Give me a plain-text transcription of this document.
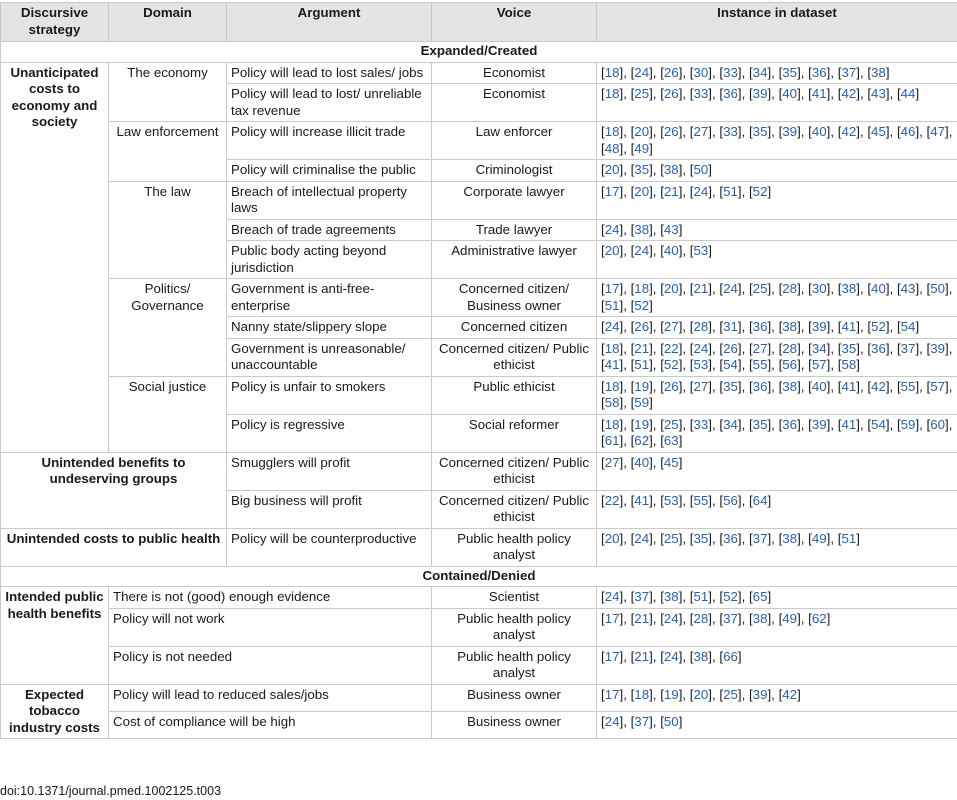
Discursive strategy	Domain	Argument	Voice	Instance in dataset
Expanded/Created				
Unanticipated costs to economy and society	The economy	Policy will lead to lost sales/ jobs	Economist	[18], [24], [26], [30], [33], [34], [35], [36], [37], [38]
		Policy will lead to lost/ unreliable tax revenue	Economist	[18], [25], [26], [33], [36], [39], [40], [41], [42], [43], [44]
	Law enforcement	Policy will increase illicit trade	Law enforcer	[18], [20], [26], [27], [33], [35], [39], [40], [42], [45], [46], [47], [48], [49]
		Policy will criminalise the public	Criminologist	[20], [35], [38], [50]
	The law	Breach of intellectual property laws	Corporate lawyer	[17], [20], [21], [24], [51], [52]
		Breach of trade agreements	Trade lawyer	[24], [38], [43]
		Public body acting beyond jurisdiction	Administrative lawyer	[20], [24], [40], [53]
	Politics/ Governance	Government is anti-free-enterprise	Concerned citizen/ Business owner	[17], [18], [20], [21], [24], [25], [28], [30], [38], [40], [43], [50], [51], [52]
		Nanny state/slippery slope	Concerned citizen	[24], [26], [27], [28], [31], [36], [38], [39], [41], [52], [54]
		Government is unreasonable/ unaccountable	Concerned citizen/ Public ethicist	[18], [21], [22], [24], [26], [27], [28], [34], [35], [36], [37], [39], [41], [51], [52], [53], [54], [55], [56], [57], [58]
	Social justice	Policy is unfair to smokers	Public ethicist	[18], [19], [26], [27], [35], [36], [38], [40], [41], [42], [55], [57], [58], [59]
		Policy is regressive	Social reformer	[18], [19], [25], [33], [34], [35], [36], [39], [41], [54], [59], [60], [61], [62], [63]
Unintended benefits to undeserving groups		Smugglers will profit	Concerned citizen/ Public ethicist	[27], [40], [45]
		Big business will profit	Concerned citizen/ Public ethicist	[22], [41], [53], [55], [56], [64]
Unintended costs to public health		Policy will be counterproductive	Public health policy analyst	[20], [24], [25], [35], [36], [37], [38], [49], [51]
Contained/Denied				
Intended public health benefits	There is not (good) enough evidence		Scientist	[24], [37], [38], [51], [52], [65]
	Policy will not work		Public health policy analyst	[17], [21], [24], [28], [37], [38], [49], [62]
	Policy is not needed		Public health policy analyst	[17], [21], [24], [38], [66]
Expected tobacco industry costs	Policy will lead to reduced sales/jobs		Business owner	[17], [18], [19], [20], [25], [39], [42]
	Cost of compliance will be high		Business owner	[24], [37], [50]
doi:10.1371/journal.pmed.1002125.t003
